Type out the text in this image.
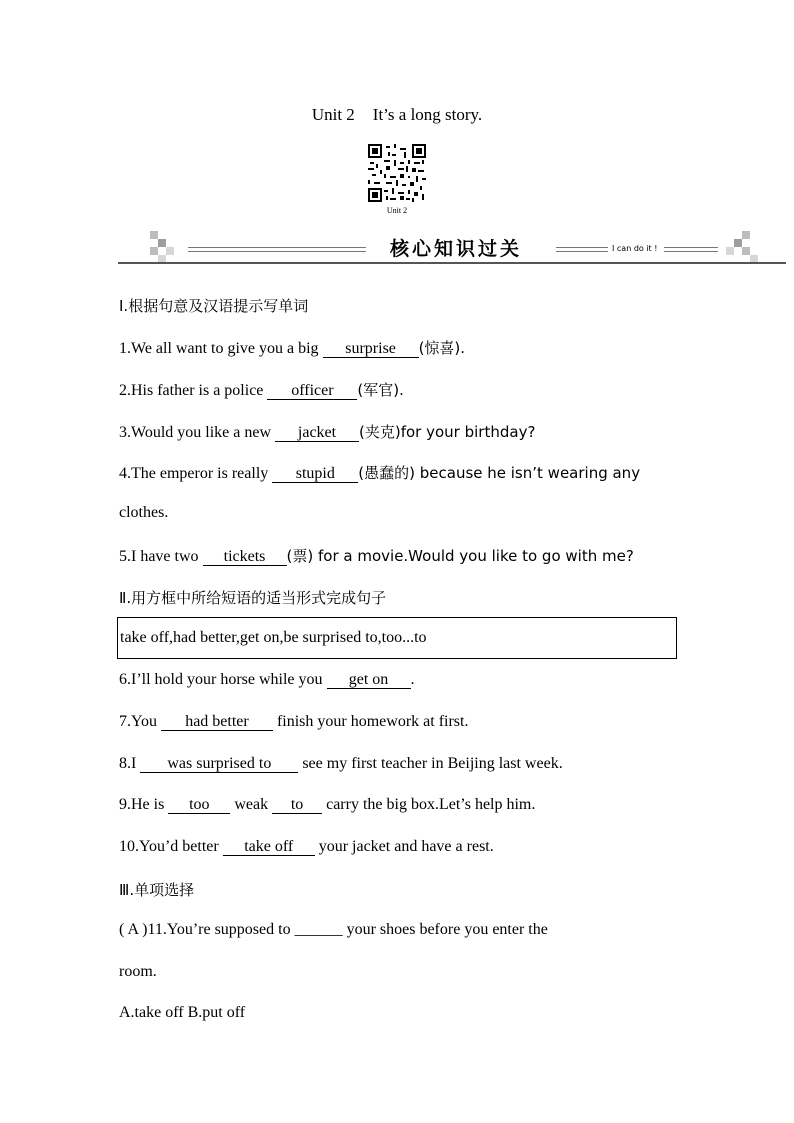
Unit 2 It’s a long story.
Unit 2
核心知识过关	I can do it !
Ⅰ.根据句意及汉语提示写单词
1.We all want to give you a big surprise (惊喜).
2.His father is a police officer (军官).
3.Would you like a new jacket (夹克)for your birthday?
4.The emperor is really stupid (愚蠢的) because he isn’t wearing any
clothes.
5.I have two tickets (票) for a movie.Would you like to go with me?
Ⅱ.用方框中所给短语的适当形式完成句子
take off,had better,get on,be surprised to,too...to
6.I’ll hold your horse while you get on .
7.You had better finish your homework at first.
8.I was surprised to see my first teacher in Beijing last week.
9.He is too weak to carry the big box.Let’s help him.
10.You’d better take off your jacket and have a rest.
Ⅲ.单项选择
( A )11.You’re supposed to ______ your shoes before you enter the
room.
A.take off B.put off
